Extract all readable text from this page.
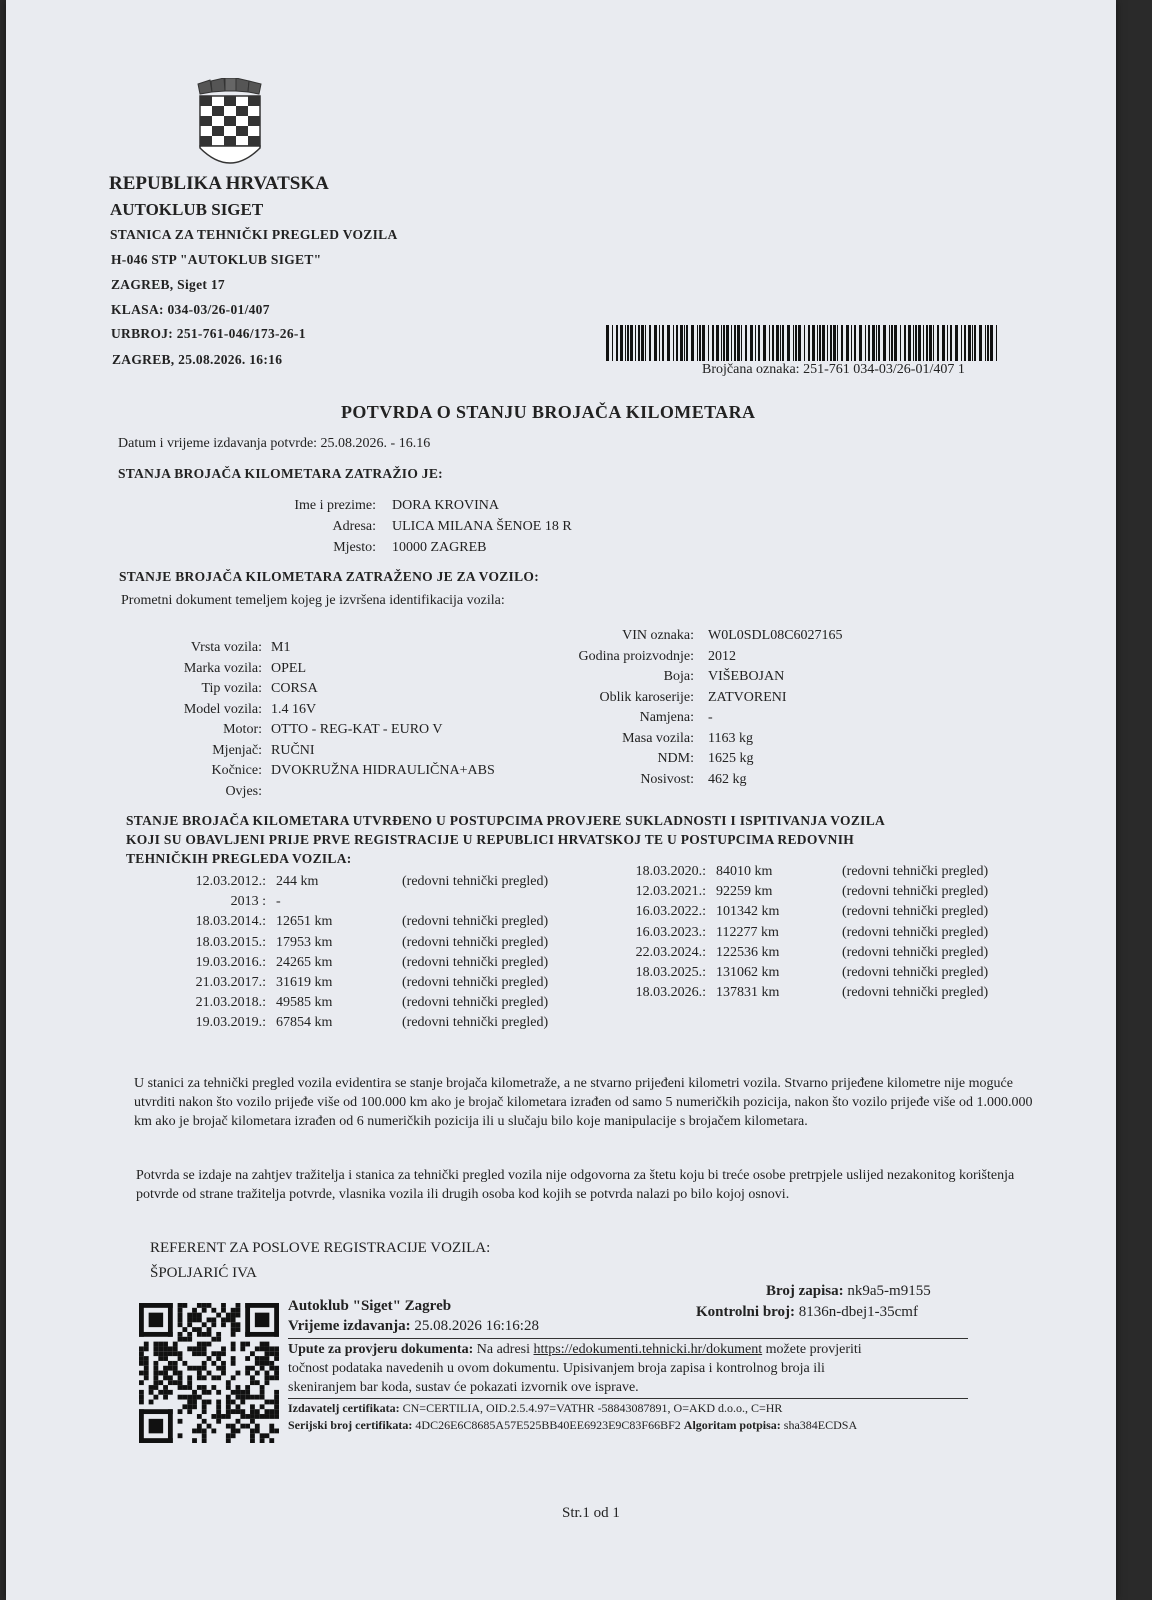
REPUBLIKA HRVATSKA
AUTOKLUB SIGET
STANICA ZA TEHNIČKI PREGLED VOZILA
H-046 STP "AUTOKLUB SIGET"
ZAGREB, Siget 17
KLASA: 034-03/26-01/407
URBROJ: 251-761-046/173-26-1
ZAGREB, 25.08.2026. 16:16
Brojčana oznaka: 251-761 034-03/26-01/407 1
POTVRDA O STANJU BROJAČA KILOMETARA
Datum i vrijeme izdavanja potvrde: 25.08.2026. - 16.16
STANJA BROJAČA KILOMETARA ZATRAŽIO JE:
Ime i prezime: DORA KROVINA
Adresa: ULICA MILANA ŠENOE 18 R
Mjesto: 10000 ZAGREB
STANJE BROJAČA KILOMETARA ZATRAŽENO JE ZA VOZILO:
Prometni dokument temeljem kojeg je izvršena identifikacija vozila:
Vrsta vozila: M1
Marka vozila: OPEL
Tip vozila: CORSA
Model vozila: 1.4 16V
Motor: OTTO - REG-KAT - EURO V
Mjenjač: RUČNI
Kočnice: DVOKRUŽNA HIDRAULIČNA+ABS
Ovjes:
VIN oznaka: W0L0SDL08C6027165
Godina proizvodnje: 2012
Boja: VIŠEBOJAN
Oblik karoserije: ZATVORENI
Namjena: -
Masa vozila: 1163 kg
NDM: 1625 kg
Nosivost: 462 kg
STANJE BROJAČA KILOMETARA UTVRĐENO U POSTUPCIMA PROVJERE SUKLADNOSTI I ISPITIVANJA VOZILA
KOJI SU OBAVLJENI PRIJE PRVE REGISTRACIJE U REPUBLICI HRVATSKOJ TE U POSTUPCIMA REDOVNIH
TEHNIČKIH PREGLEDA VOZILA:
12.03.2012.: 244 km	(redovni tehnički pregled)
2013 : -
18.03.2014.: 12651 km	(redovni tehnički pregled)
18.03.2015.: 17953 km	(redovni tehnički pregled)
19.03.2016.: 24265 km	(redovni tehnički pregled)
21.03.2017.: 31619 km	(redovni tehnički pregled)
21.03.2018.: 49585 km	(redovni tehnički pregled)
19.03.2019.: 67854 km	(redovni tehnički pregled)
18.03.2020.: 84010 km	(redovni tehnički pregled)
12.03.2021.: 92259 km	(redovni tehnički pregled)
16.03.2022.: 101342 km	(redovni tehnički pregled)
16.03.2023.: 112277 km	(redovni tehnički pregled)
22.03.2024.: 122536 km	(redovni tehnički pregled)
18.03.2025.: 131062 km	(redovni tehnički pregled)
18.03.2026.: 137831 km	(redovni tehnički pregled)
U stanici za tehnički pregled vozila evidentira se stanje brojača kilometraže, a ne stvarno prijeđeni kilometri vozila. Stvarno prijeđene kilometre nije moguće utvrditi nakon što vozilo prijeđe više od 100.000 km ako je brojač kilometara izrađen od samo 5 numeričkih pozicija, nakon što vozilo prijeđe više od 1.000.000 km ako je brojač kilometara izrađen od 6 numeričkih pozicija ili u slučaju bilo koje manipulacije s brojačem kilometara.
Potvrda se izdaje na zahtjev tražitelja i stanica za tehnički pregled vozila nije odgovorna za štetu koju bi treće osobe pretrpjele uslijed nezakonitog korištenja potvrde od strane tražitelja potvrde, vlasnika vozila ili drugih osoba kod kojih se potvrda nalazi po bilo kojoj osnovi.
REFERENT ZA POSLOVE REGISTRACIJE VOZILA:
ŠPOLJARIĆ IVA
Autoklub "Siget" Zagreb
Vrijeme izdavanja: 25.08.2026 16:16:28
Broj zapisa: nk9a5-m9155
Kontrolni broj: 8136n-dbej1-35cmf
Upute za provjeru dokumenta: Na adresi https://edokumenti.tehnicki.hr/dokument možete provjeriti
točnost podataka navedenih u ovom dokumentu. Upisivanjem broja zapisa i kontrolnog broja ili
skeniranjem bar koda, sustav će pokazati izvornik ove isprave.
Izdavatelj certifikata: CN=CERTILIA, OID.2.5.4.97=VATHR -58843087891, O=AKD d.o.o., C=HR
Serijski broj certifikata: 4DC26E6C8685A57E525BB40EE6923E9C83F66BF2 Algoritam potpisa: sha384ECDSA
Str.1 od 1
